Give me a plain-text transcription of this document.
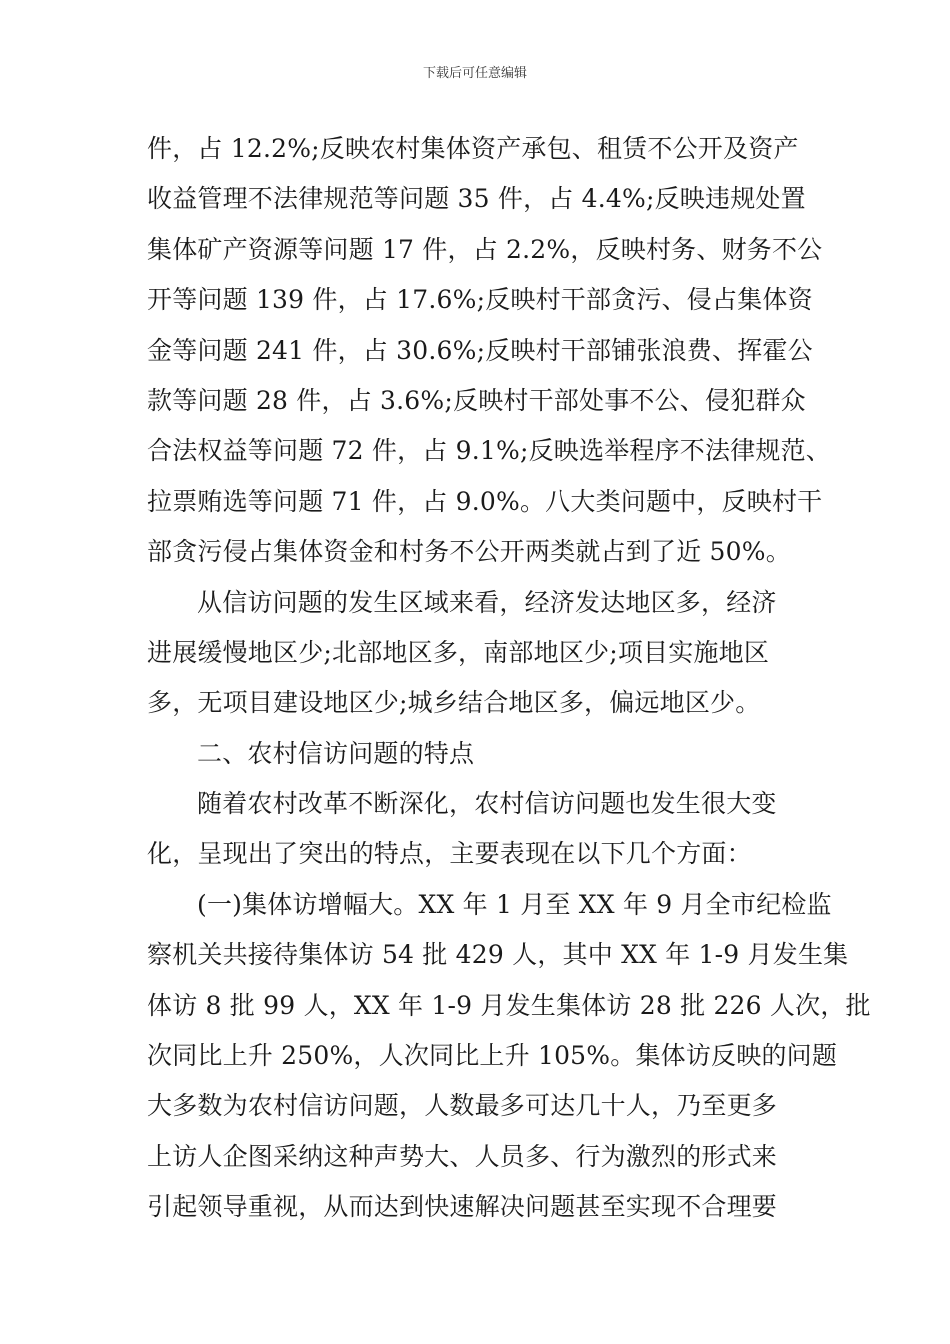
下载后可任意编辑
件，占 12.2%;反映农村集体资产承包、租赁不公开及资产
收益管理不法律规范等问题 35 件，占 4.4%;反映违规处置
集体矿产资源等问题 17 件，占 2.2%，反映村务、财务不公
开等问题 139 件，占 17.6%;反映村干部贪污、侵占集体资
金等问题 241 件，占 30.6%;反映村干部铺张浪费、挥霍公
款等问题 28 件，占 3.6%;反映村干部处事不公、侵犯群众
合法权益等问题 72 件，占 9.1%;反映选举程序不法律规范、
拉票贿选等问题 71 件，占 9.0%。八大类问题中，反映村干
部贪污侵占集体资金和村务不公开两类就占到了近 50%。
从信访问题的发生区域来看，经济发达地区多，经济
进展缓慢地区少;北部地区多，南部地区少;项目实施地区
多，无项目建设地区少;城乡结合地区多，偏远地区少。
二、农村信访问题的特点
随着农村改革不断深化，农村信访问题也发生很大变
化，呈现出了突出的特点，主要表现在以下几个方面：
(一)集体访增幅大。XX 年 1 月至 XX 年 9 月全市纪检监
察机关共接待集体访 54 批 429 人，其中 XX 年 1-9 月发生集
体访 8 批 99 人，XX 年 1-9 月发生集体访 28 批 226 人次，批
次同比上升 250%，人次同比上升 105%。集体访反映的问题
大多数为农村信访问题，人数最多可达几十人，乃至更多
上访人企图采纳这种声势大、人员多、行为激烈的形式来
引起领导重视，从而达到快速解决问题甚至实现不合理要
